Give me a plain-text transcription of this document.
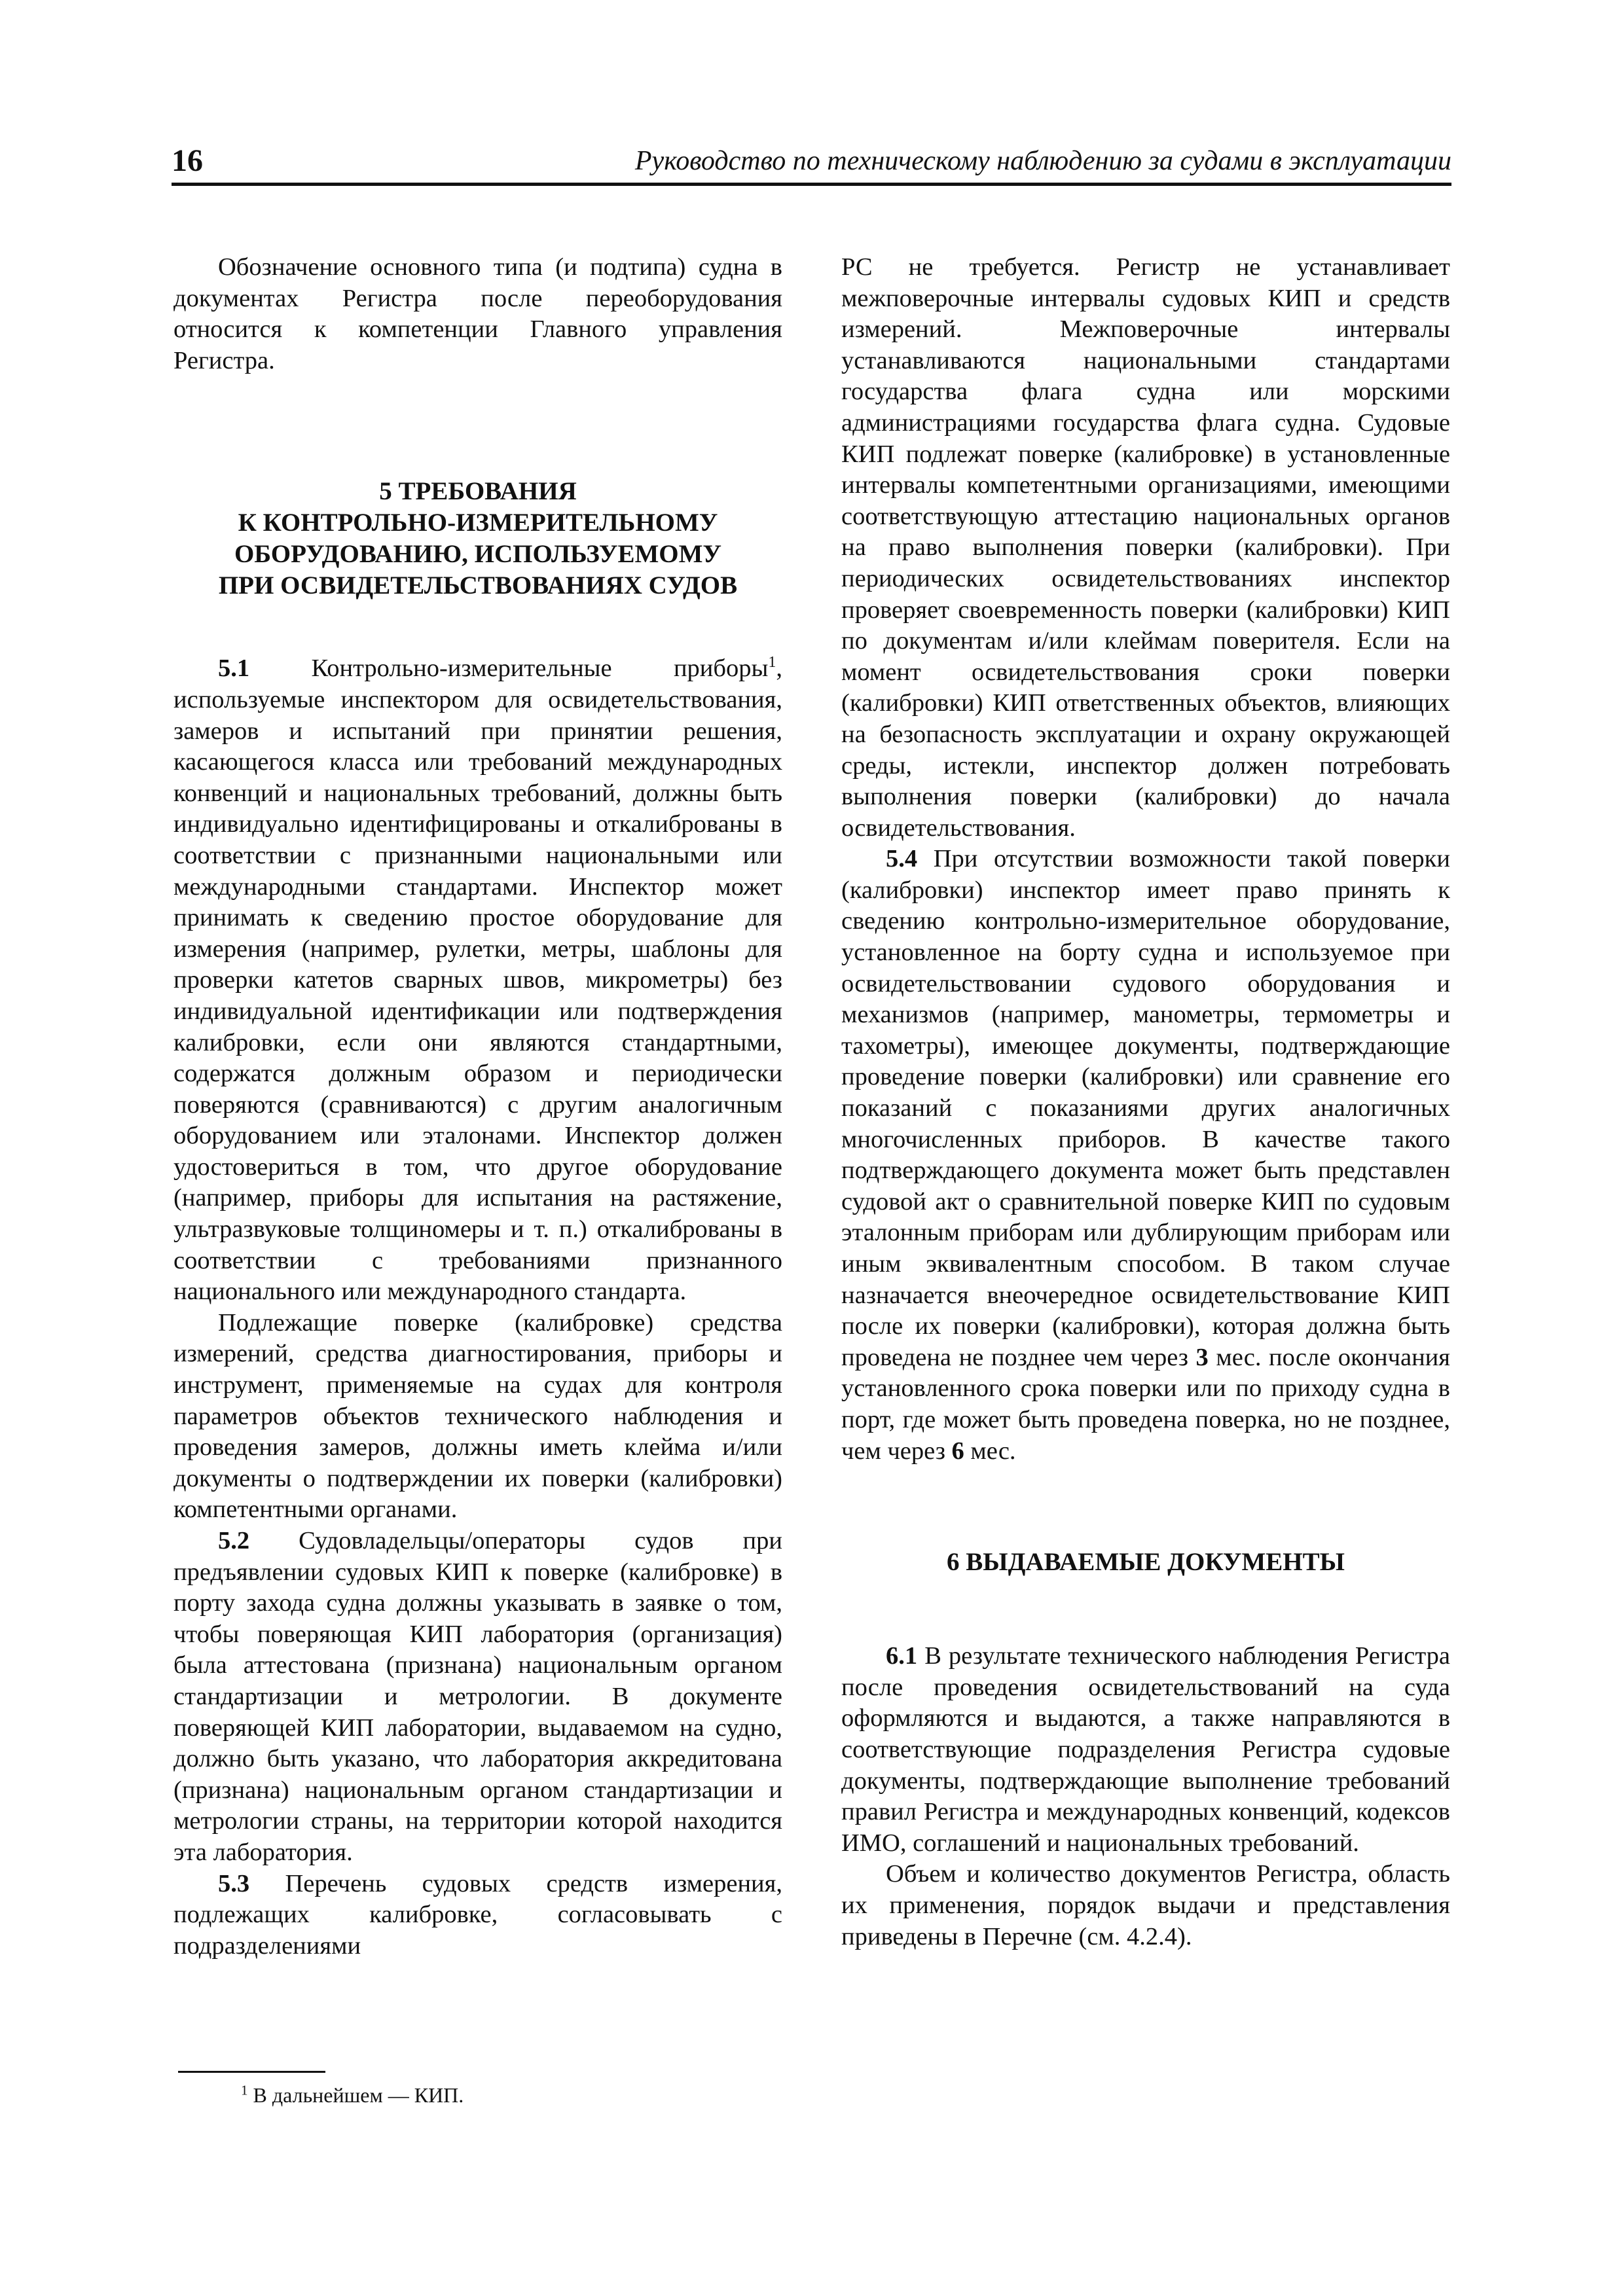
16	Руководство по техническому наблюдению за судами в эксплуатации

Обозначение основного типа (и подтипа) судна в документах Регистра после переоборудования относится к компетенции Главного управления Регистра.

5 ТРЕБОВАНИЯ
К КОНТРОЛЬНО-ИЗМЕРИТЕЛЬНОМУ
ОБОРУДОВАНИЮ, ИСПОЛЬЗУЕМОМУ
ПРИ ОСВИДЕТЕЛЬСТВОВАНИЯХ СУДОВ

5.1 Контрольно-измерительные приборы$^1$, используемые инспектором для освидетельствования, замеров и испытаний при принятии решения, касающегося класса или требований международных конвенций и национальных требований, должны быть индивидуально идентифицированы и откалиброваны в соответствии с признанными национальными или международными стандартами. Инспектор может принимать к сведению простое оборудование для измерения (например, рулетки, метры, шаблоны для проверки катетов сварных швов, микрометры) без индивидуальной идентификации или подтверждения калибровки, если они являются стандартными, содержатся должным образом и периодически поверяются (сравниваются) с другим аналогичным оборудованием или эталонами. Инспектор должен удостовериться в том, что другое оборудование (например, приборы для испытания на растяжение, ультразвуковые толщиномеры и т. п.) откалиброваны в соответствии с требованиями признанного национального или международного стандарта.

Подлежащие поверке (калибровке) средства измерений, средства диагностирования, приборы и инструмент, применяемые на судах для контроля параметров объектов технического наблюдения и проведения замеров, должны иметь клейма и/или документы о подтверждении их поверки (калибровки) компетентными органами.

5.2 Судовладельцы/операторы судов при предъявлении судовых КИП к поверке (калибровке) в порту захода судна должны указывать в заявке о том, чтобы поверяющая КИП лаборатория (организация) была аттестована (признана) национальным органом стандартизации и метрологии. В документе поверяющей КИП лаборатории, выдаваемом на судно, должно быть указано, что лаборатория аккредитована (признана) национальным органом стандартизации и метрологии страны, на территории которой находится эта лаборатория.

5.3 Перечень судовых средств измерения, подлежащих калибровке, согласовывать с подразделениями

$^1$ В дальнейшем — КИП.

РС не требуется. Регистр не устанавливает межповерочные интервалы судовых КИП и средств измерений. Межповерочные интервалы устанавливаются национальными стандартами государства флага судна или морскими администрациями государства флага судна. Судовые КИП подлежат поверке (калибровке) в установленные интервалы компетентными организациями, имеющими соответствующую аттестацию национальных органов на право выполнения поверки (калибровки). При периодических освидетельствованиях инспектор проверяет своевременность поверки (калибровки) КИП по документам и/или клеймам поверителя. Если на момент освидетельствования сроки поверки (калибровки) КИП ответственных объектов, влияющих на безопасность эксплуатации и охрану окружающей среды, истекли, инспектор должен потребовать выполнения поверки (калибровки) до начала освидетельствования.

5.4 При отсутствии возможности такой поверки (калибровки) инспектор имеет право принять к сведению контрольно-измерительное оборудование, установленное на борту судна и используемое при освидетельствовании судового оборудования и механизмов (например, манометры, термометры и тахометры), имеющее документы, подтверждающие проведение поверки (калибровки) или сравнение его показаний с показаниями других аналогичных многочисленных приборов. В качестве такого подтверждающего документа может быть представлен судовой акт о сравнительной поверке КИП по судовым эталонным приборам или дублирующим приборам или иным эквивалентным способом. В таком случае назначается внеочередное освидетельствование КИП после их поверки (калибровки), которая должна быть проведена не позднее чем через 3 мес. после окончания установленного срока поверки или по приходу судна в порт, где может быть проведена поверка, но не позднее, чем через 6 мес.

6 ВЫДАВАЕМЫЕ ДОКУМЕНТЫ

6.1 В результате технического наблюдения Регистра после проведения освидетельствований на суда оформляются и выдаются, а также направляются в соответствующие подразделения Регистра судовые документы, подтверждающие выполнение требований правил Регистра и международных конвенций, кодексов ИМО, соглашений и национальных требований.

Объем и количество документов Регистра, область их применения, порядок выдачи и представления приведены в Перечне (см. 4.2.4).
